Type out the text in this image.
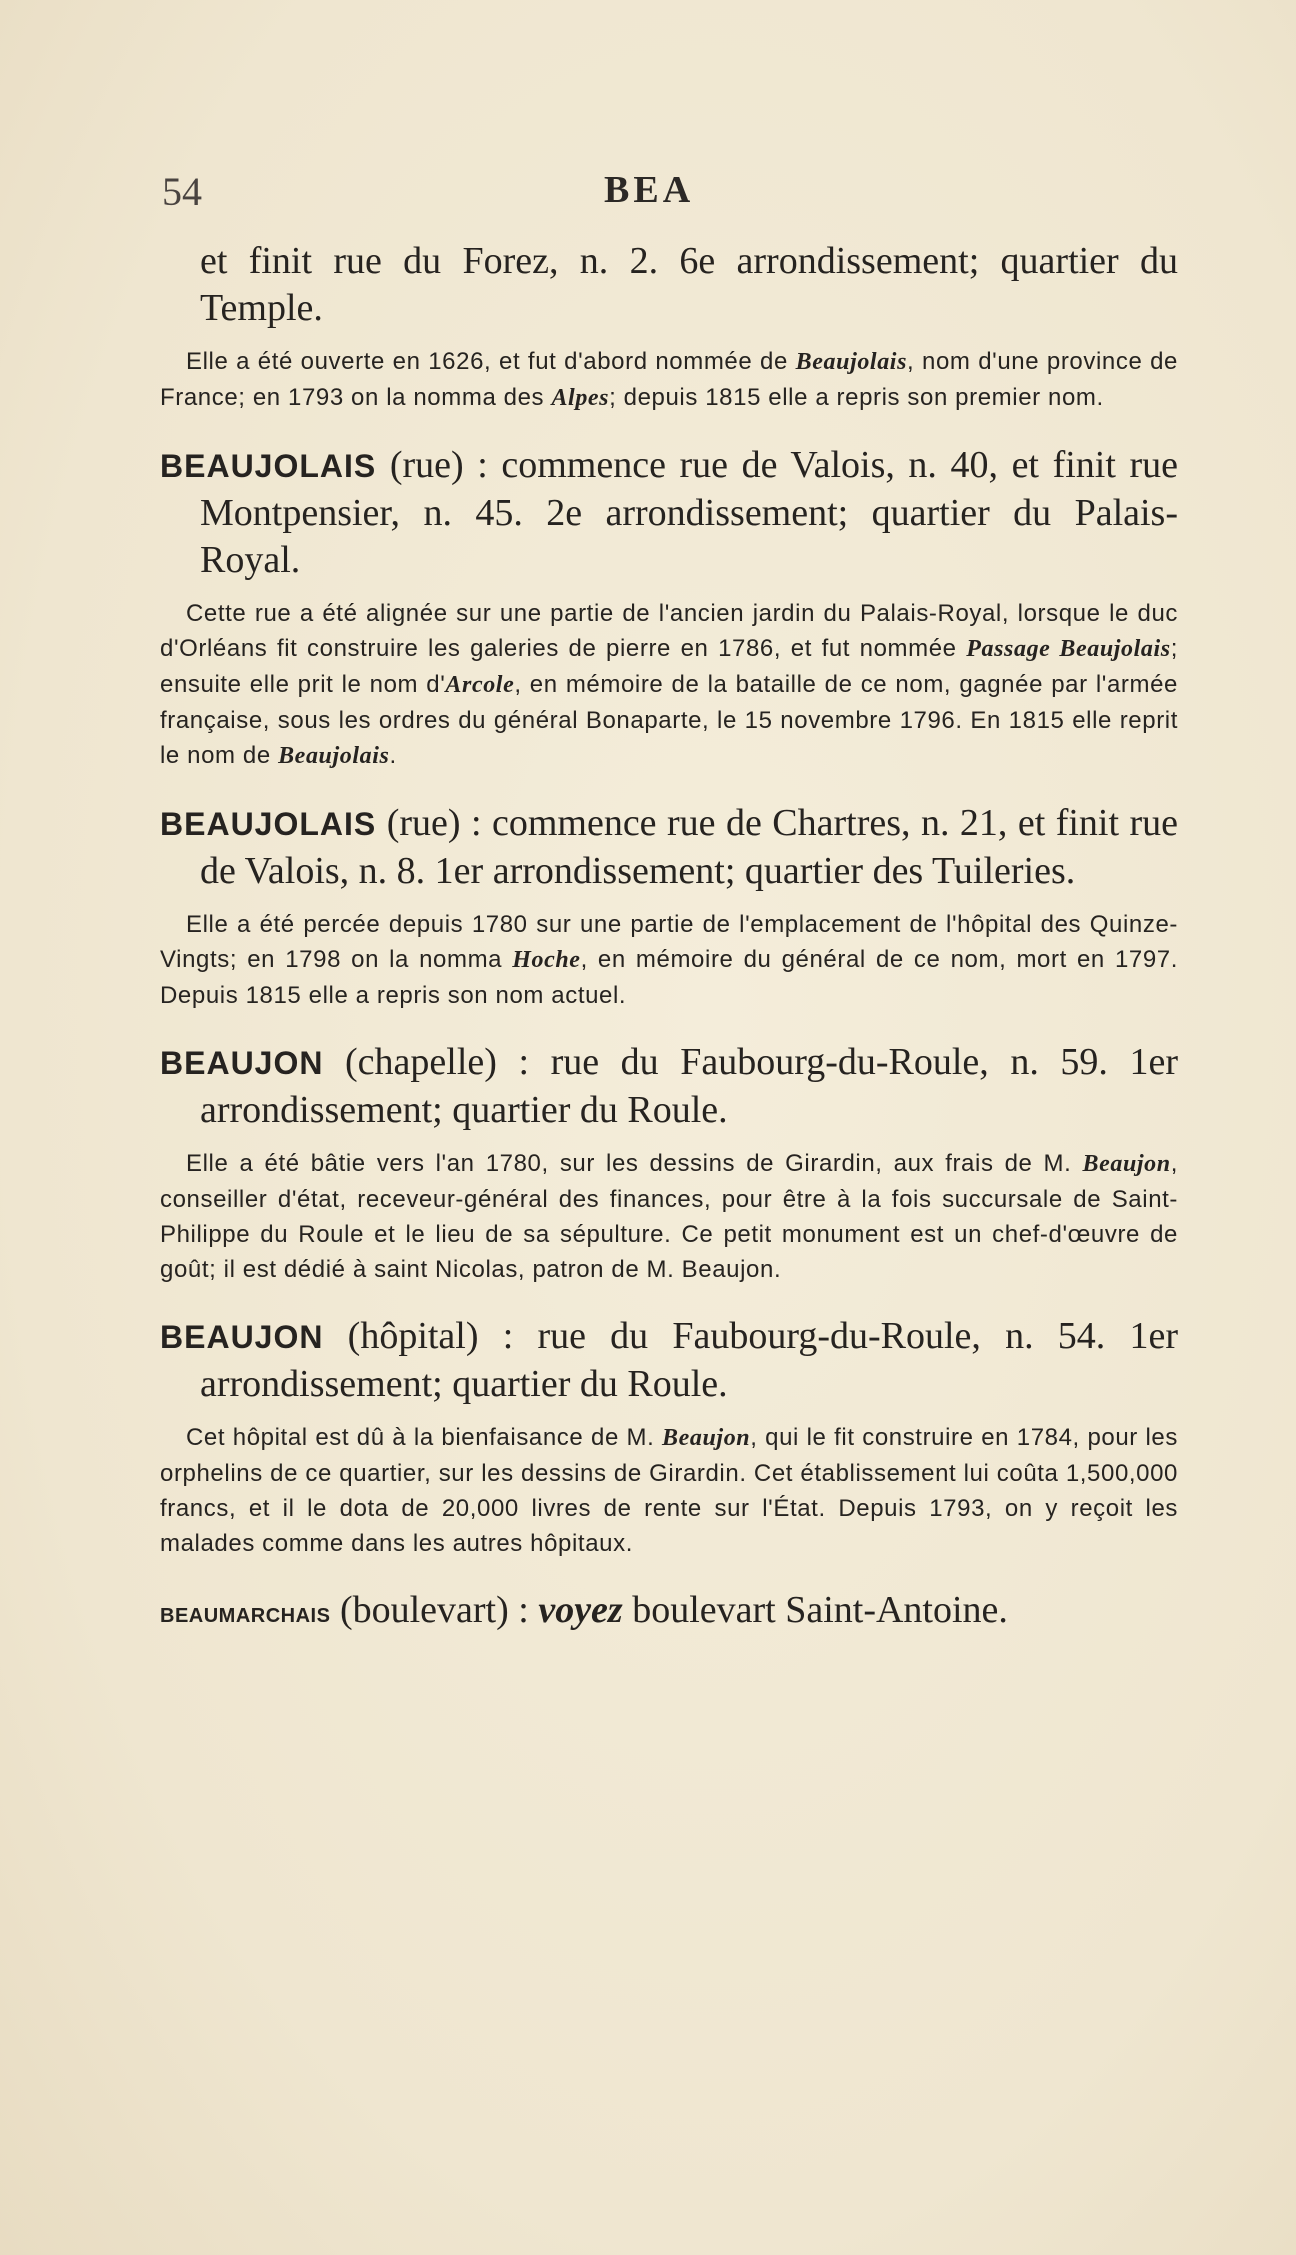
54	BEA

et finit rue du Forez, n. 2. 6e arrondissement; quartier du Temple.

Elle a été ouverte en 1626, et fut d'abord nommée de Beaujolais, nom d'une province de France; en 1793 on la nomma des Alpes; depuis 1815 elle a repris son premier nom.

BEAUJOLAIS (rue) : commence rue de Valois, n. 40, et finit rue Montpensier, n. 45. 2e arrondissement; quartier du Palais-Royal.

Cette rue a été alignée sur une partie de l'ancien jardin du Palais-Royal, lorsque le duc d'Orléans fit construire les galeries de pierre en 1786, et fut nommée Passage Beaujolais; ensuite elle prit le nom d'Arcole, en mémoire de la bataille de ce nom, gagnée par l'armée française, sous les ordres du général Bonaparte, le 15 novembre 1796. En 1815 elle reprit le nom de Beaujolais.

BEAUJOLAIS (rue) : commence rue de Chartres, n. 21, et finit rue de Valois, n. 8. 1er arrondissement; quartier des Tuileries.

Elle a été percée depuis 1780 sur une partie de l'emplacement de l'hôpital des Quinze-Vingts; en 1798 on la nomma Hoche, en mémoire du général de ce nom, mort en 1797. Depuis 1815 elle a repris son nom actuel.

BEAUJON (chapelle) : rue du Faubourg-du-Roule, n. 59. 1er arrondissement; quartier du Roule.

Elle a été bâtie vers l'an 1780, sur les dessins de Girardin, aux frais de M. Beaujon, conseiller d'état, receveur-général des finances, pour être à la fois succursale de Saint-Philippe du Roule et le lieu de sa sépulture. Ce petit monument est un chef-d'œuvre de goût; il est dédié à saint Nicolas, patron de M. Beaujon.

BEAUJON (hôpital) : rue du Faubourg-du-Roule, n. 54. 1er arrondissement; quartier du Roule.

Cet hôpital est dû à la bienfaisance de M. Beaujon, qui le fit construire en 1784, pour les orphelins de ce quartier, sur les dessins de Girardin. Cet établissement lui coûta 1,500,000 francs, et il le dota de 20,000 livres de rente sur l'État. Depuis 1793, on y reçoit les malades comme dans les autres hôpitaux.

BEAUMARCHAIS (boulevart) : voyez boulevart Saint-Antoine.
